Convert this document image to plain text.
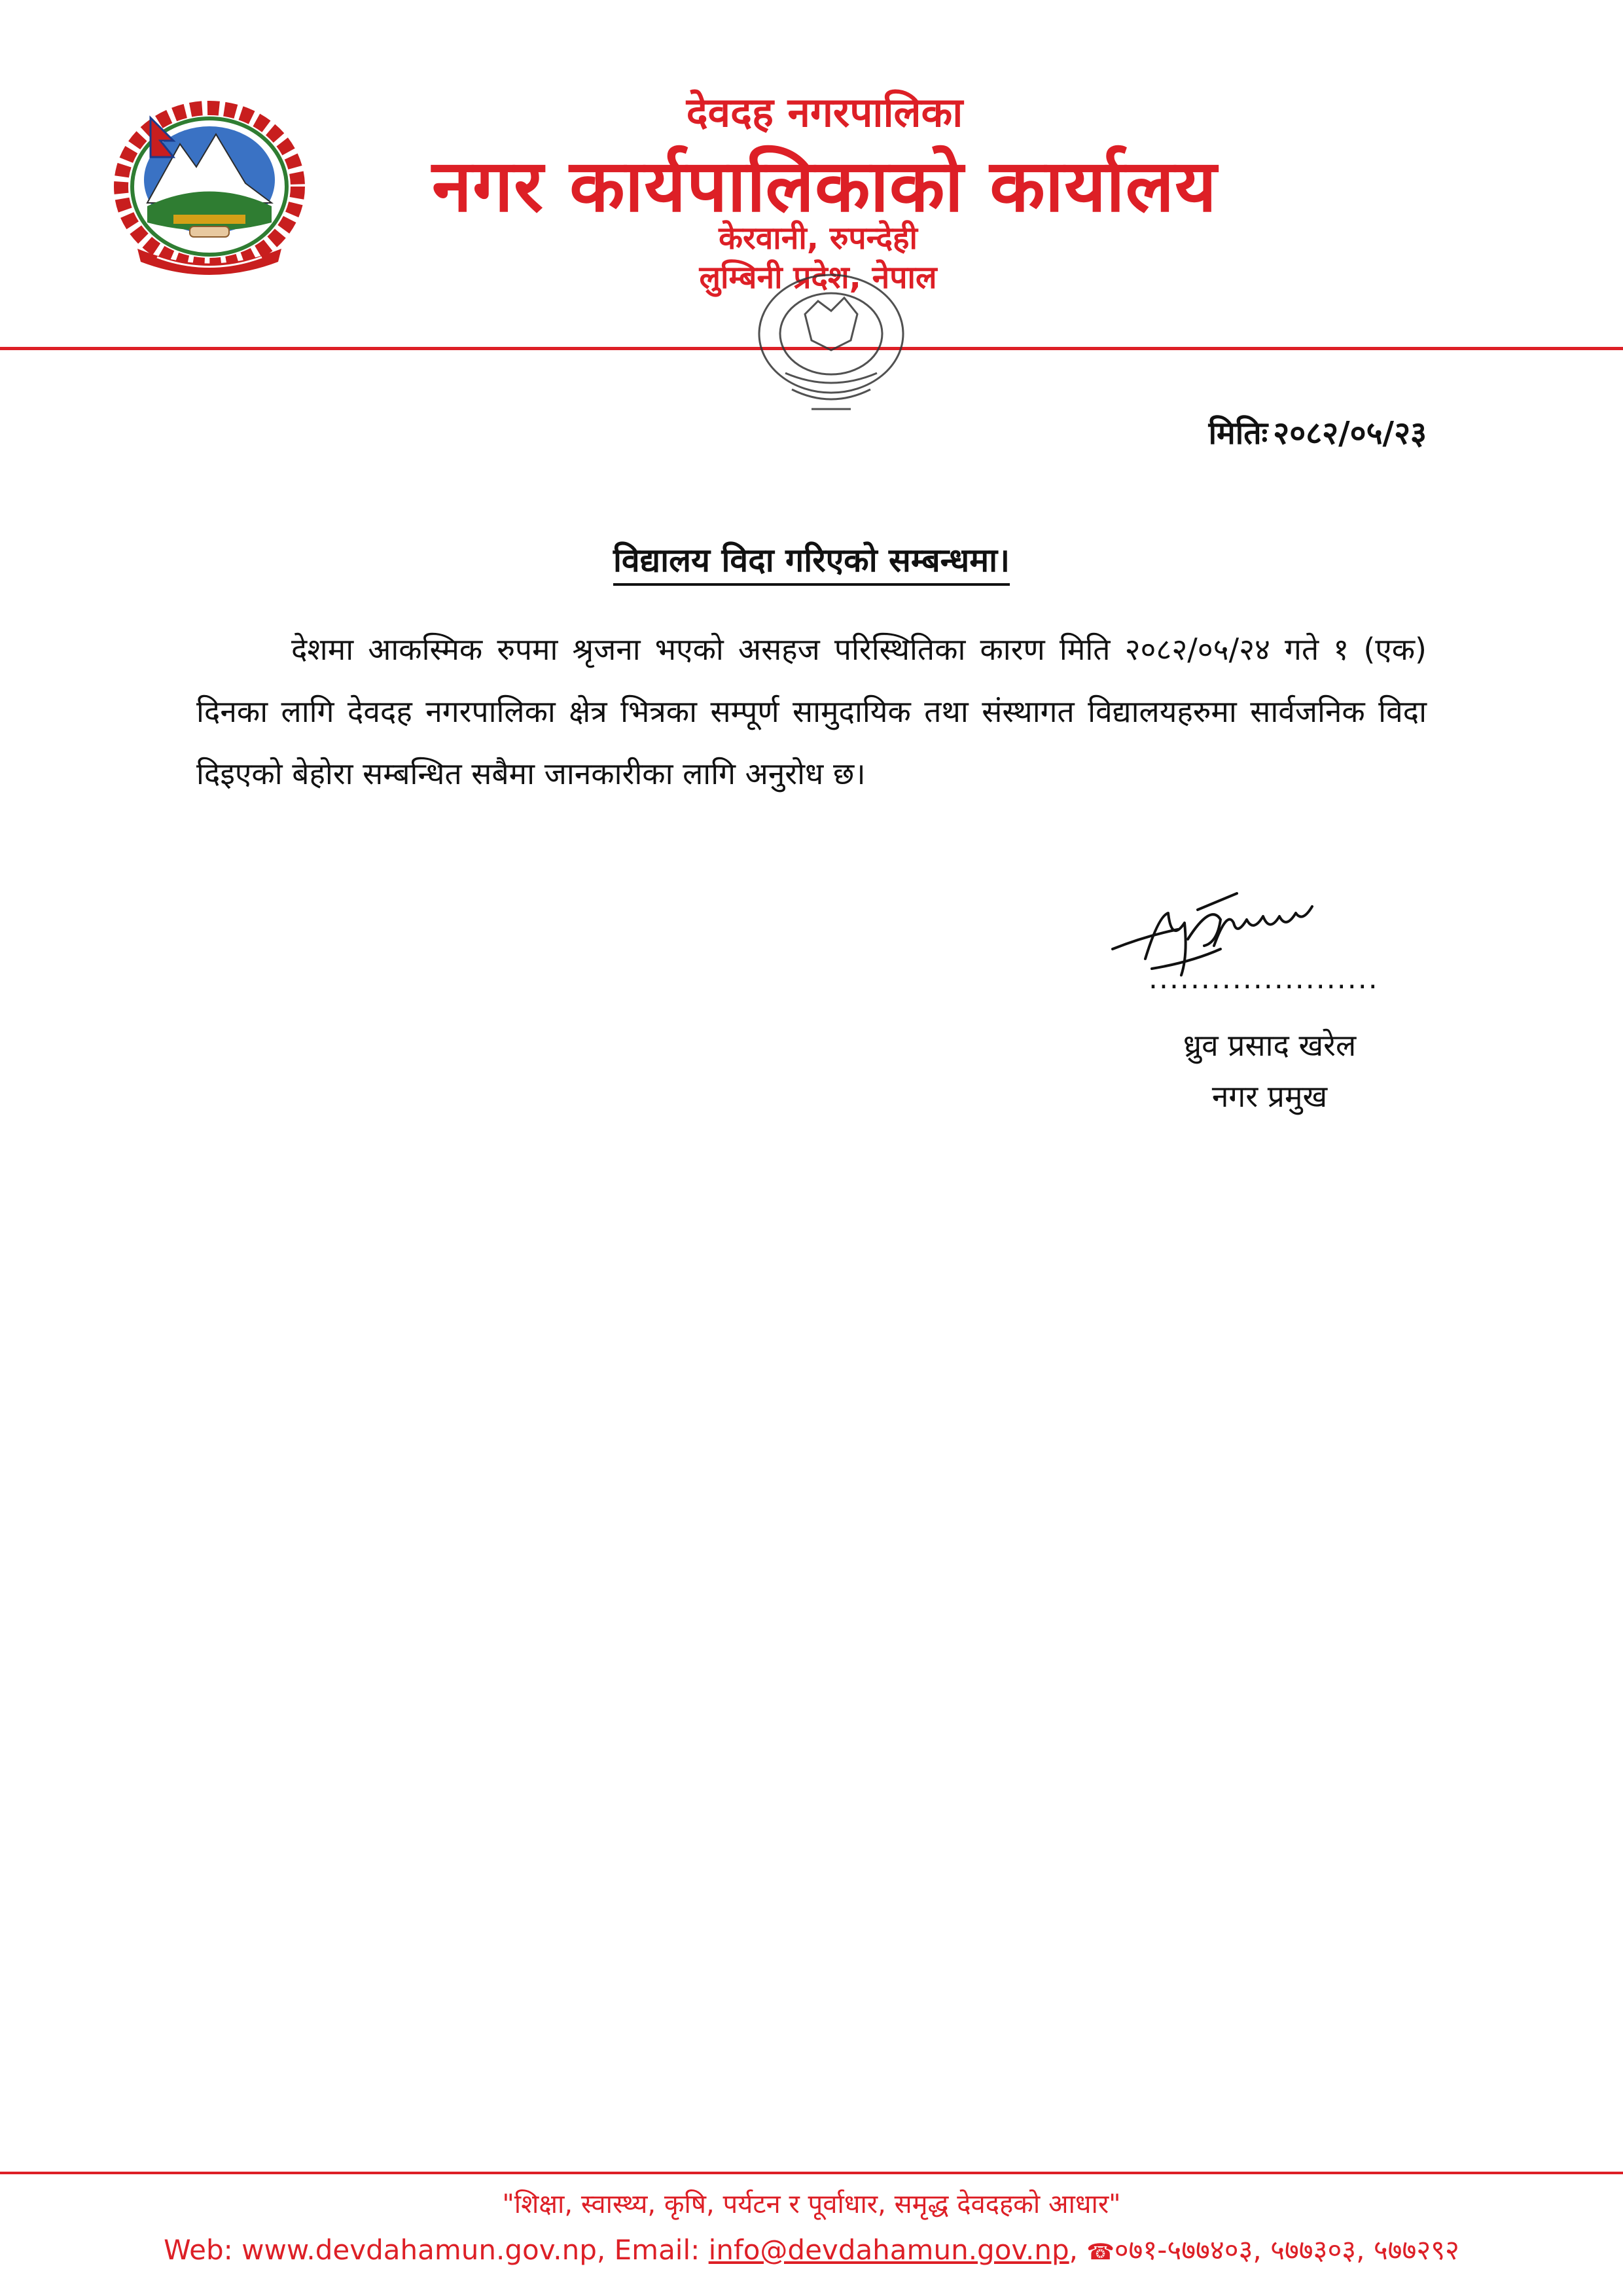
देवदह नगरपालिका
नगर कार्यपालिकाको कार्यालय
केरवानी, रुपन्देही
लुम्बिनी प्रदेश, नेपाल
मितिः २०८२/०५/२३
विद्यालय विदा गरिएको सम्बन्धमा।
देशमा आकस्मिक रुपमा श्रृजना भएको असहज परिस्थितिका कारण मिति २०८२/०५/२४ गते १ (एक) दिनका लागि देवदह नगरपालिका क्षेत्र भित्रका सम्पूर्ण सामुदायिक तथा संस्थागत विद्यालयहरुमा सार्वजनिक विदा दिइएको बेहोरा सम्बन्धित सबैमा जानकारीका लागि अनुरोध छ।
......................
ध्रुव प्रसाद खरेल
नगर प्रमुख
"शिक्षा, स्वास्थ्य, कृषि, पर्यटन र पूर्वाधार, समृद्ध देवदहको आधार"
Web: www.devdahamun.gov.np, Email: info@devdahamun.gov.np, ☎०७१-५७७४०३, ५७७३०३, ५७७२९२
